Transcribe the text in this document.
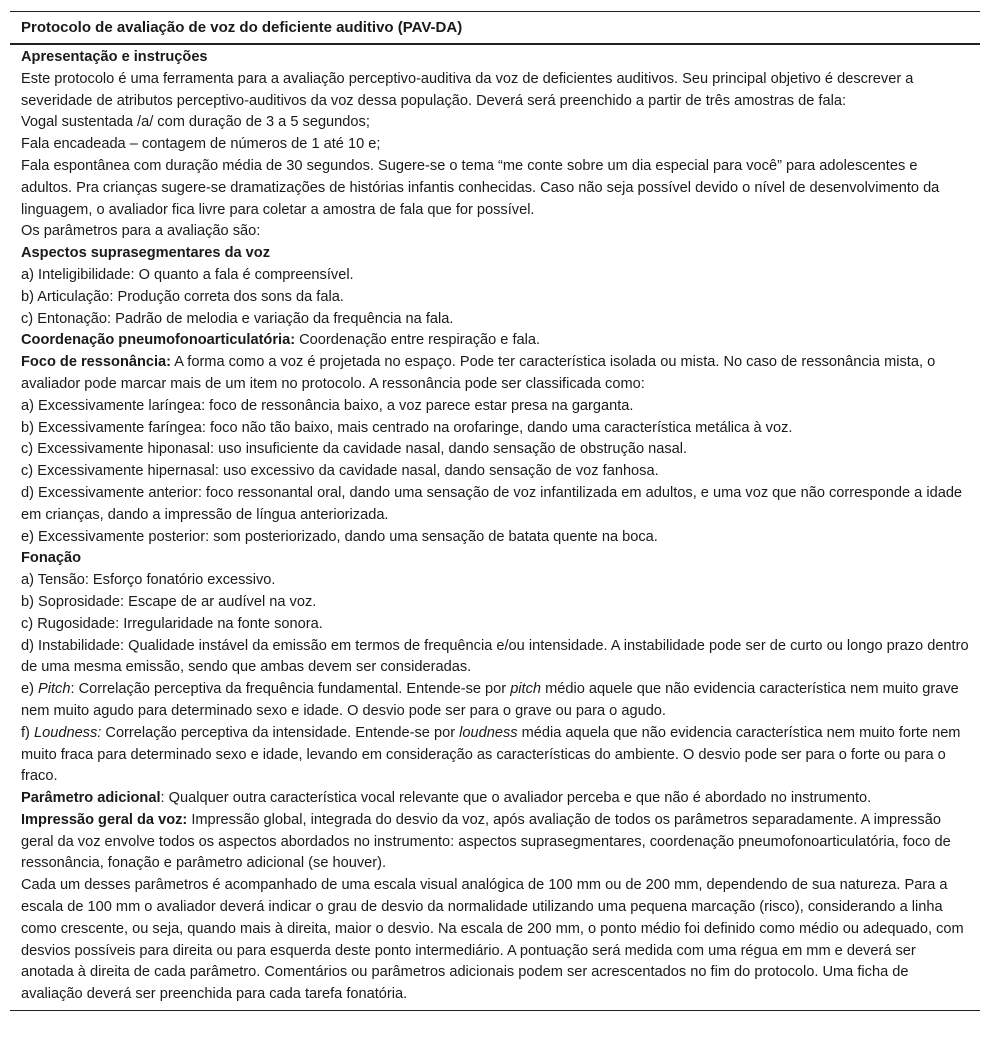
Protocolo de avaliação de voz do deficiente auditivo (PAV-DA)

Apresentação e instruções

Este protocolo é uma ferramenta para a avaliação perceptivo-auditiva da voz de deficientes auditivos. Seu principal objetivo é descrever a severidade de atributos perceptivo-auditivos da voz dessa população. Deverá será preenchido a partir de três amostras de fala:

Vogal sustentada /a/ com duração de 3 a 5 segundos;

Fala encadeada – contagem de números de 1 até 10 e;

Fala espontânea com duração média de 30 segundos. Sugere-se o tema “me conte sobre um dia especial para você” para adolescentes e adultos. Pra crianças sugere-se dramatizações de histórias infantis conhecidas. Caso não seja possível devido o nível de desenvolvimento da linguagem, o avaliador fica livre para coletar a amostra de fala que for possível.

Os parâmetros para a avaliação são:

Aspectos suprasegmentares da voz

a) Inteligibilidade: O quanto a fala é compreensível.

b) Articulação: Produção correta dos sons da fala.

c) Entonação: Padrão de melodia e variação da frequência na fala.

Coordenação pneumofonoarticulatória: Coordenação entre respiração e fala.

Foco de ressonância: A forma como a voz é projetada no espaço. Pode ter característica isolada ou mista. No caso de ressonância mista, o avaliador pode marcar mais de um item no protocolo. A ressonância pode ser classificada como:

a) Excessivamente laríngea: foco de ressonância baixo, a voz parece estar presa na garganta.

b) Excessivamente faríngea: foco não tão baixo, mais centrado na orofaringe, dando uma característica metálica à voz.

c) Excessivamente hiponasal: uso insuficiente da cavidade nasal, dando sensação de obstrução nasal.

c) Excessivamente hipernasal: uso excessivo da cavidade nasal, dando sensação de voz fanhosa.

d) Excessivamente anterior: foco ressonantal oral, dando uma sensação de voz infantilizada em adultos, e uma voz que não corresponde a idade em crianças, dando a impressão de língua anteriorizada.

e) Excessivamente posterior: som posteriorizado, dando uma sensação de batata quente na boca.

Fonação

a) Tensão: Esforço fonatório excessivo.

b) Soprosidade: Escape de ar audível na voz.

c) Rugosidade: Irregularidade na fonte sonora.

d) Instabilidade: Qualidade instável da emissão em termos de frequência e/ou intensidade. A instabilidade pode ser de curto ou longo prazo dentro de uma mesma emissão, sendo que ambas devem ser consideradas.

e) Pitch: Correlação perceptiva da frequência fundamental. Entende-se por pitch médio aquele que não evidencia característica nem muito grave nem muito agudo para determinado sexo e idade. O desvio pode ser para o grave ou para o agudo.

f) Loudness: Correlação perceptiva da intensidade. Entende-se por loudness média aquela que não evidencia característica nem muito forte nem muito fraca para determinado sexo e idade, levando em consideração as características do ambiente. O desvio pode ser para o forte ou para o fraco.

Parâmetro adicional: Qualquer outra característica vocal relevante que o avaliador perceba e que não é abordado no instrumento.

Impressão geral da voz: Impressão global, integrada do desvio da voz, após avaliação de todos os parâmetros separadamente. A impressão geral da voz envolve todos os aspectos abordados no instrumento: aspectos suprasegmentares, coordenação pneumofonoarticulatória, foco de ressonância, fonação e parâmetro adicional (se houver).

Cada um desses parâmetros é acompanhado de uma escala visual analógica de 100 mm ou de 200 mm, dependendo de sua natureza. Para a escala de 100 mm o avaliador deverá indicar o grau de desvio da normalidade utilizando uma pequena marcação (risco), considerando a linha como crescente, ou seja, quando mais à direita, maior o desvio. Na escala de 200 mm, o ponto médio foi definido como médio ou adequado, com desvios possíveis para direita ou para esquerda deste ponto intermediário. A pontuação será medida com uma régua em mm e deverá ser anotada à direita de cada parâmetro. Comentários ou parâmetros adicionais podem ser acrescentados no fim do protocolo. Uma ficha de avaliação deverá ser preenchida para cada tarefa fonatória.
